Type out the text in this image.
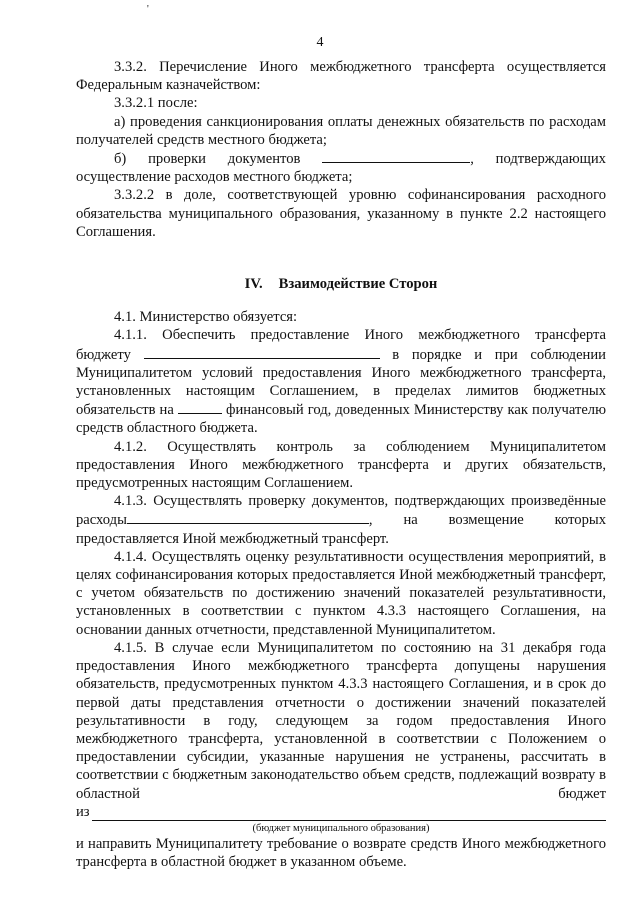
'
4

3.3.2. Перечисление Иного межбюджетного трансферта осуществляется Федеральным казначейством:

3.3.2.1 после:

а) проведения санкционирования оплаты денежных обязательств по расходам получателей средств местного бюджета;

б) проверки документов	, подтверждающих осуществление расходов местного бюджета;

3.3.2.2 в доле, соответствующей уровню софинансирования расходного обязательства муниципального образования, указанному в пункте 2.2 настоящего Соглашения.

IV. Взаимодействие Сторон

4.1. Министерство обязуется:

4.1.1. Обеспечить предоставление Иного межбюджетного трансферта бюджету	в порядке и при соблюдении Муниципалитетом условий предоставления Иного межбюджетного трансферта, установленных настоящим Соглашением, в пределах лимитов бюджетных обязательств на	финансовый год, доведенных Министерству как получателю средств областного бюджета.

4.1.2. Осуществлять контроль за соблюдением Муниципалитетом предоставления Иного межбюджетного трансферта и других обязательств, предусмотренных настоящим Соглашением.

4.1.3. Осуществлять проверку документов, подтверждающих произведённые расходы	, на возмещение которых предоставляется Иной межбюджетный трансферт.

4.1.4. Осуществлять оценку результативности осуществления мероприятий, в целях софинансирования которых предоставляется Иной межбюджетный трансферт, с учетом обязательств по достижению значений показателей результативности, установленных в соответствии с пунктом 4.3.3 настоящего Соглашения, на основании данных отчетности, представленной Муниципалитетом.

4.1.5. В случае если Муниципалитетом по состоянию на 31 декабря года предоставления Иного межбюджетного трансферта допущены нарушения обязательств, предусмотренных пунктом 4.3.3 настоящего Соглашения, и в срок до первой даты представления отчетности о достижении значений показателей результативности в году, следующем за годом предоставления Иного межбюджетного трансферта, установленной в соответствии с Положением о предоставлении субсидии, указанные нарушения не устранены, рассчитать в соответствии с бюджетным законодательство объем средств, подлежащий возврату в областной бюджет

из
(бюджет муниципального образования)

и направить Муниципалитету требование о возврате средств Иного межбюджетного трансферта в областной бюджет в указанном объеме.
